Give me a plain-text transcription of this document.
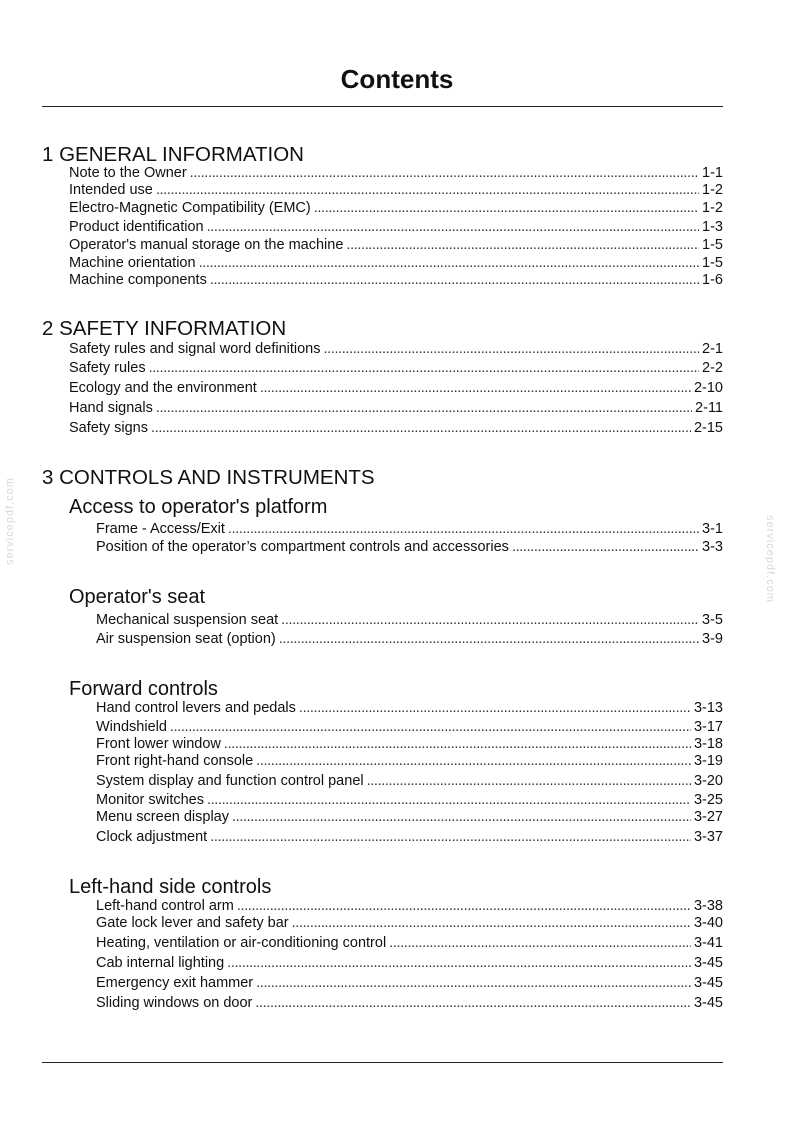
Contents
servicepdf.com	servicepdf.com
1 GENERAL INFORMATION
Note to the Owner . . .	1-1
Intended use . . .	1-2
Electro-Magnetic Compatibility (EMC) . . .	1-2
Product identification . . .	1-3
Operator's manual storage on the machine . . .	1-5
Machine orientation . . .	1-5
Machine components . . .	1-6
2 SAFETY INFORMATION
Safety rules and signal word definitions . . .	2-1
Safety rules . . .	2-2
Ecology and the environment . . .	2-10
Hand signals . . .	2-11
Safety signs . . .	2-15
3 CONTROLS AND INSTRUMENTS
Access to operator's platform
Frame - Access/Exit . . .	3-1
Position of the operator’s compartment controls and accessories . . .	3-3
Operator's seat
Mechanical suspension seat . . .	3-5
Air suspension seat (option) . . .	3-9
Forward controls
Hand control levers and pedals . . .	3-13
Windshield . . .	3-17
Front lower window . . .	3-18
Front right-hand console . . .	3-19
System display and function control panel . . .	3-20
Monitor switches . . .	3-25
Menu screen display . . .	3-27
Clock adjustment . . .	3-37
Left-hand side controls
Left-hand control arm . . .	3-38
Gate lock lever and safety bar . . .	3-40
Heating, ventilation or air-conditioning control . . .	3-41
Cab internal lighting . . .	3-45
Emergency exit hammer . . .	3-45
Sliding windows on door . . .	3-45
